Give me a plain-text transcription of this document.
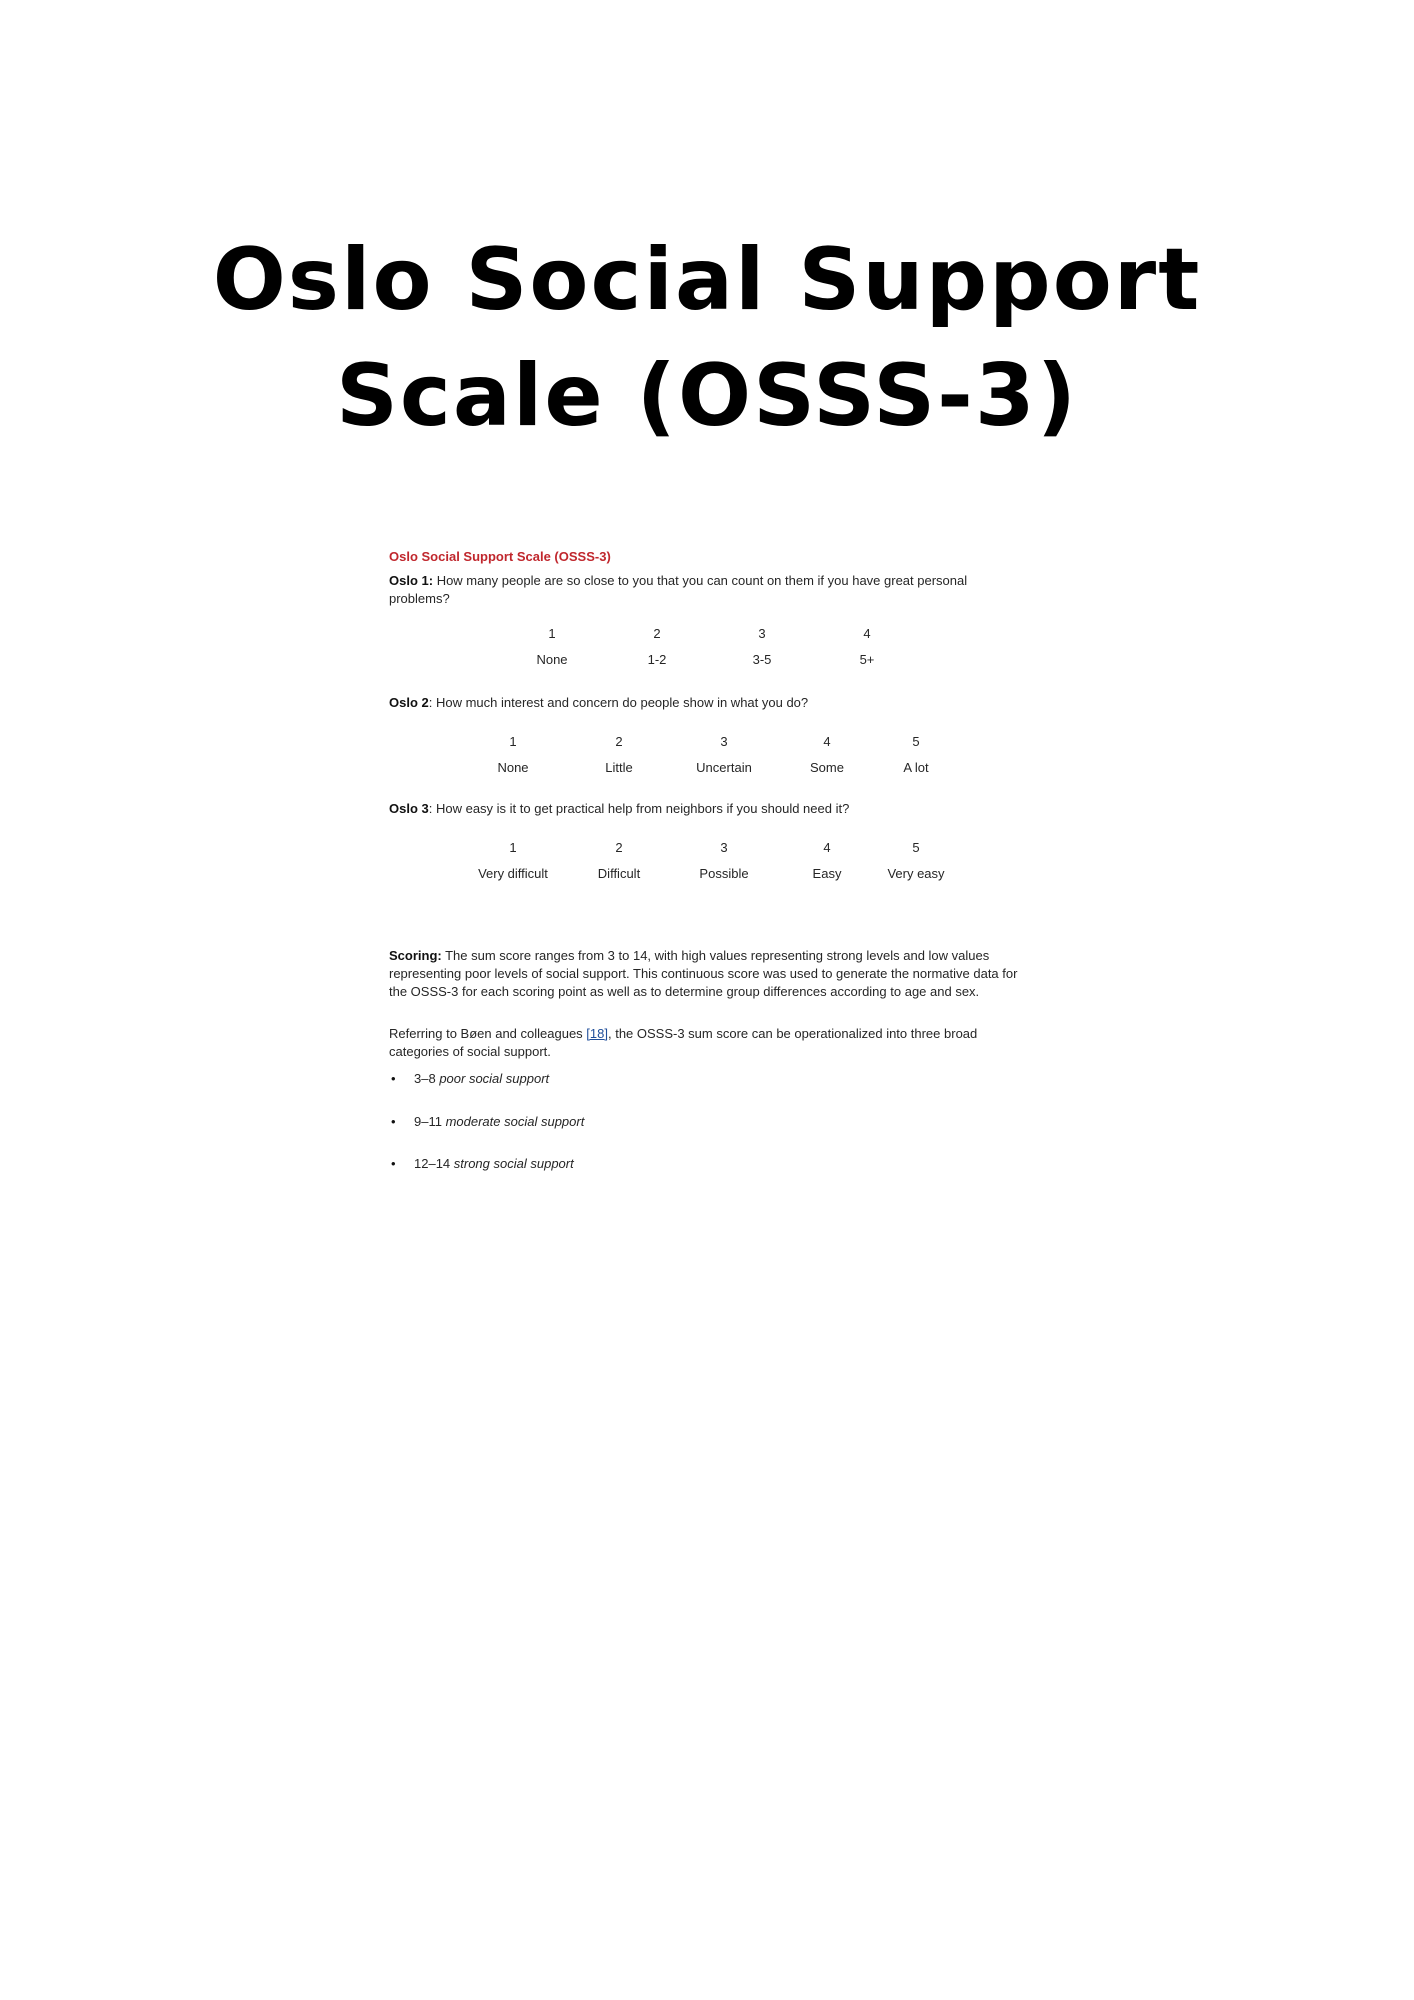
Oslo Social Support
Scale (OSSS-3)

Oslo Social Support Scale (OSSS-3)

Oslo 1: How many people are so close to you that you can count on them if you have great personal problems?

1
None
2
1-2
3
3-5
4
5+

Oslo 2: How much interest and concern do people show in what you do?

1
None
2
Little
3
Uncertain
4
Some
5
A lot

Oslo 3: How easy is it to get practical help from neighbors if you should need it?

1
Very difficult
2
Difficult
3
Possible
4
Easy
5
Very easy

Scoring: The sum score ranges from 3 to 14, with high values representing strong levels and low values representing poor levels of social support. This continuous score was used to generate the normative data for the OSSS-3 for each scoring point as well as to determine group differences according to age and sex.

Referring to Bøen and colleagues [18], the OSSS-3 sum score can be operationalized into three broad categories of social support.

• 3–8 poor social support
• 9–11 moderate social support
• 12–14 strong social support
